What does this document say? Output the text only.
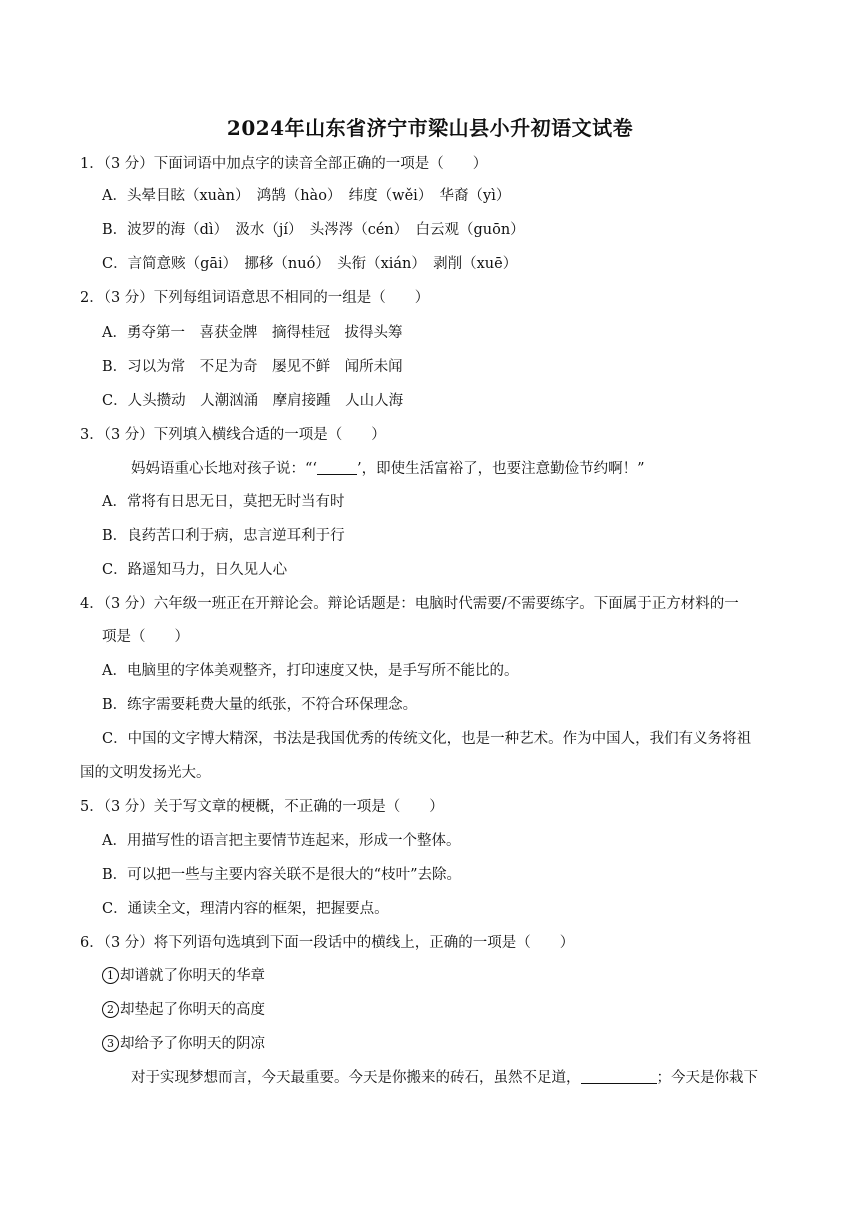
2024年山东省济宁市梁山县小升初语文试卷
1．（3 分）下面词语中加点字的读音全部正确的一项是（　　）
A．头晕目眩（xuàn）　鸿鹄（hào）　纬度（wěi）　华裔（yì）
B．波罗的海（dì）　汲水（jí）　头涔涔（cén）　白云观（guōn）
C．言简意赅（gāi）　挪移（nuó）　头衔（xián）　剥削（xuē）
2．（3 分）下列每组词语意思不相同的一组是（　　）
A．勇夺第一　喜获金牌　摘得桂冠　拔得头筹
B．习以为常　不足为奇　屡见不鲜　闻所未闻
C．人头攒动　人潮汹涌　摩肩接踵　人山人海
3．（3 分）下列填入横线合适的一项是（　　）
妈妈语重心长地对孩子说：“‘	’，即使生活富裕了，也要注意勤俭节约啊！”
A．常将有日思无日，莫把无时当有时
B．良药苦口利于病，忠言逆耳利于行
C．路遥知马力，日久见人心
4．（3 分）六年级一班正在开辩论会。辩论话题是：电脑时代需要/不需要练字。下面属于正方材料的一
项是（　　）
A．电脑里的字体美观整齐，打印速度又快，是手写所不能比的。
B．练字需要耗费大量的纸张，不符合环保理念。
C．中国的文字博大精深，书法是我国优秀的传统文化，也是一种艺术。作为中国人，我们有义务将祖
国的文明发扬光大。
5．（3 分）关于写文章的梗概，不正确的一项是（　　）
A．用描写性的语言把主要情节连起来，形成一个整体。
B．可以把一些与主要内容关联不是很大的“枝叶”去除。
C．通读全文，理清内容的框架，把握要点。
6．（3 分）将下列语句选填到下面一段话中的横线上，正确的一项是（　　）
1 却谱就了你明天的华章
2 却垫起了你明天的高度
3 却给予了你明天的阴凉
对于实现梦想而言，今天最重要。今天是你搬来的砖石，虽然不足道，	；今天是你栽下
